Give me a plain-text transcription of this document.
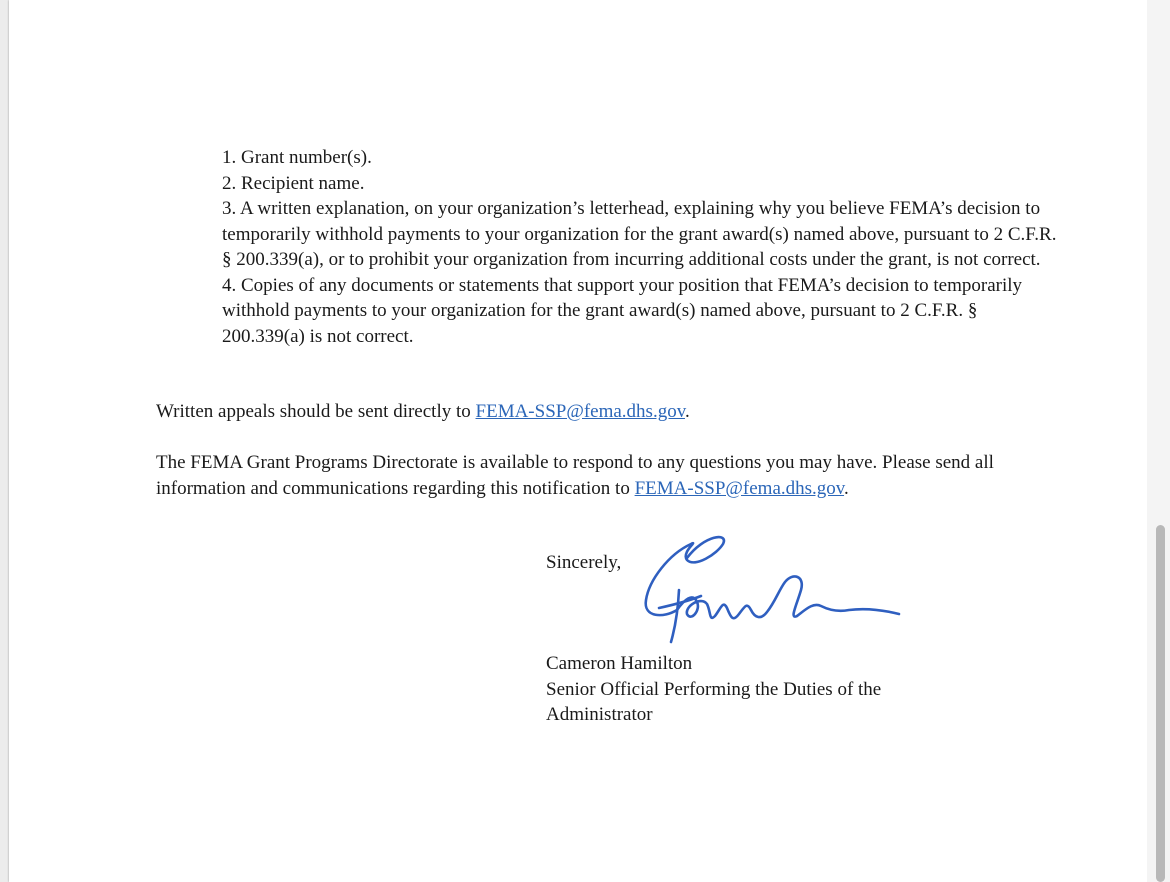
1. Grant number(s).

2. Recipient name.

3. A written explanation, on your organization’s letterhead, explaining why you believe FEMA’s decision to temporarily withhold payments to your organization for the grant award(s) named above, pursuant to 2 C.F.R. § 200.339(a), or to prohibit your organization from incurring additional costs under the grant, is not correct.

4. Copies of any documents or statements that support your position that FEMA’s decision to temporarily withhold payments to your organization for the grant award(s) named above, pursuant to 2 C.F.R. § 200.339(a) is not correct.

Written appeals should be sent directly to FEMA-SSP@fema.dhs.gov.

The FEMA Grant Programs Directorate is available to respond to any questions you may have. Please send all information and communications regarding this notification to FEMA-SSP@fema.dhs.gov.

Sincerely,

Cameron Hamilton

Senior Official Performing the Duties of the

Administrator
